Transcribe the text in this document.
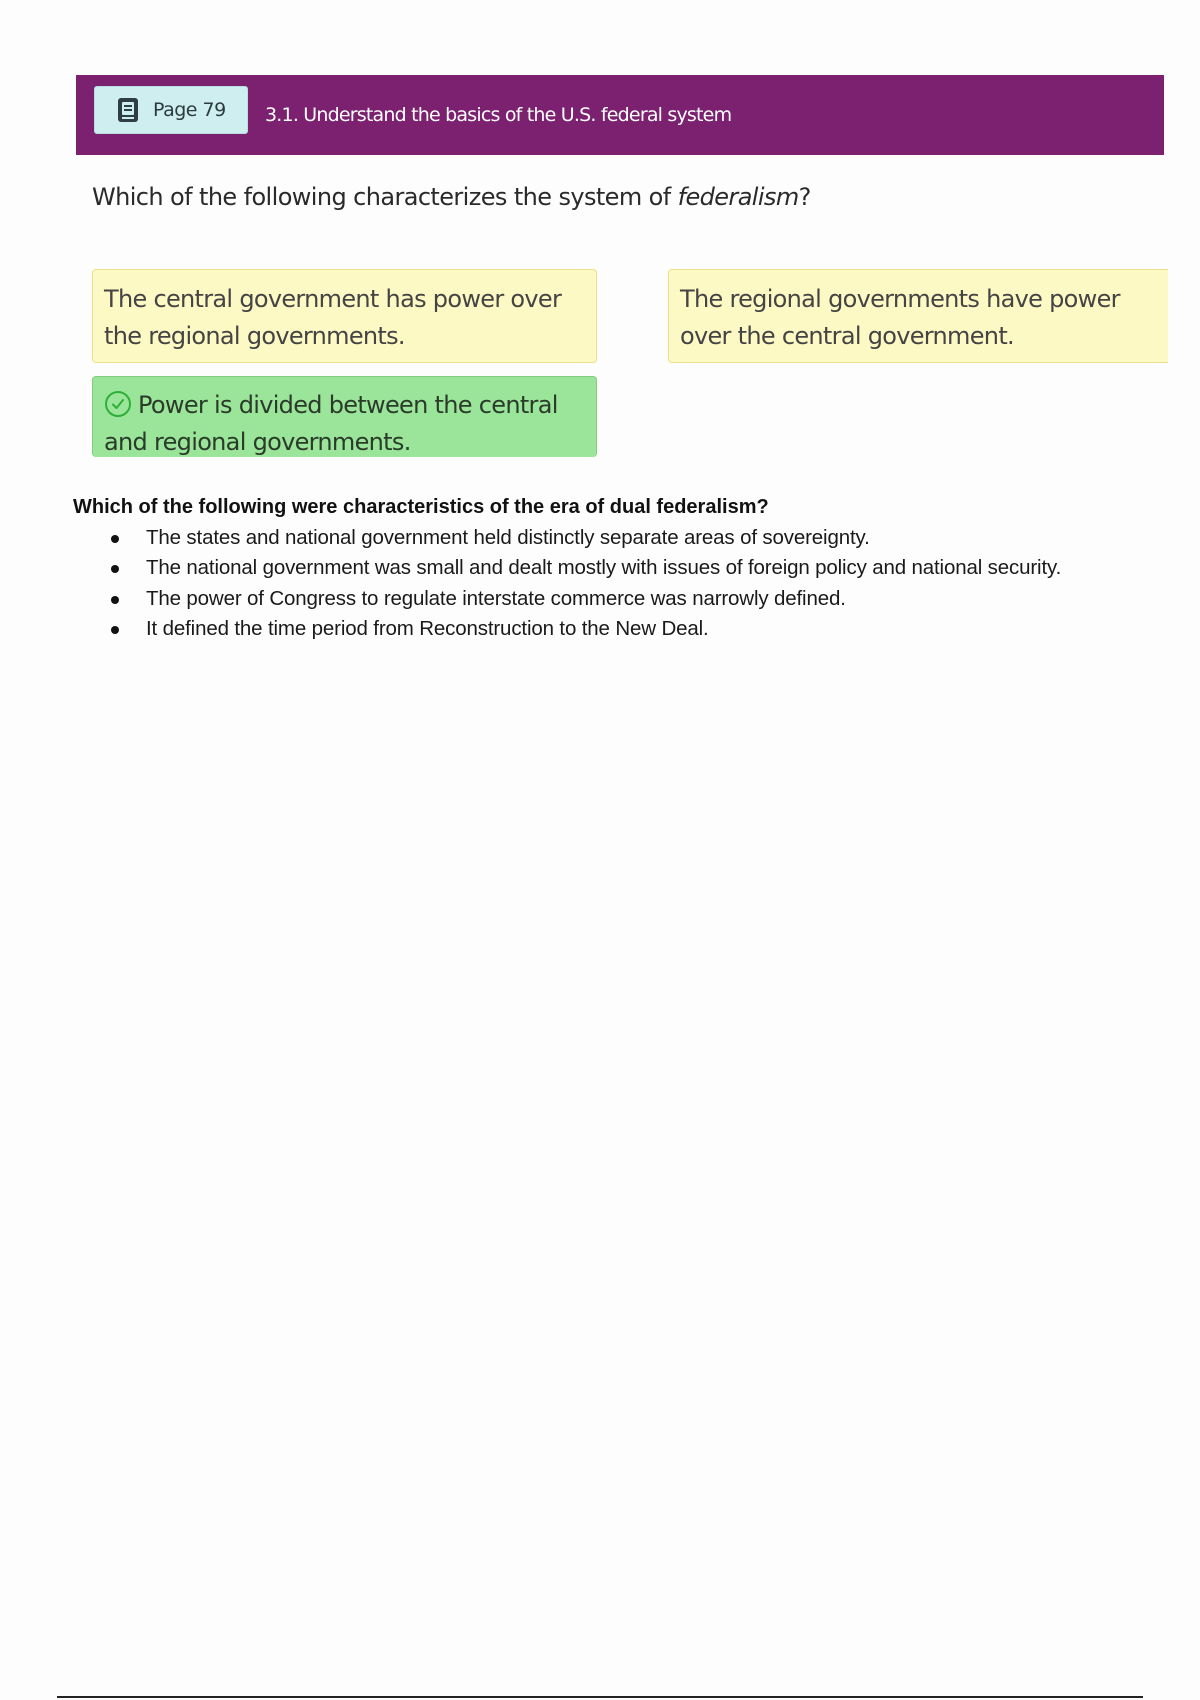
Page 79 3.1. Understand the basics of the U.S. federal system
Which of the following characterizes the system of federalism?
The central government has power over the regional governments.
The regional governments have power over the central government.
Power is divided between the central and regional governments.
Which of the following were characteristics of the era of dual federalism?
The states and national government held distinctly separate areas of sovereignty.
The national government was small and dealt mostly with issues of foreign policy and national security.
The power of Congress to regulate interstate commerce was narrowly defined.
It defined the time period from Reconstruction to the New Deal.
